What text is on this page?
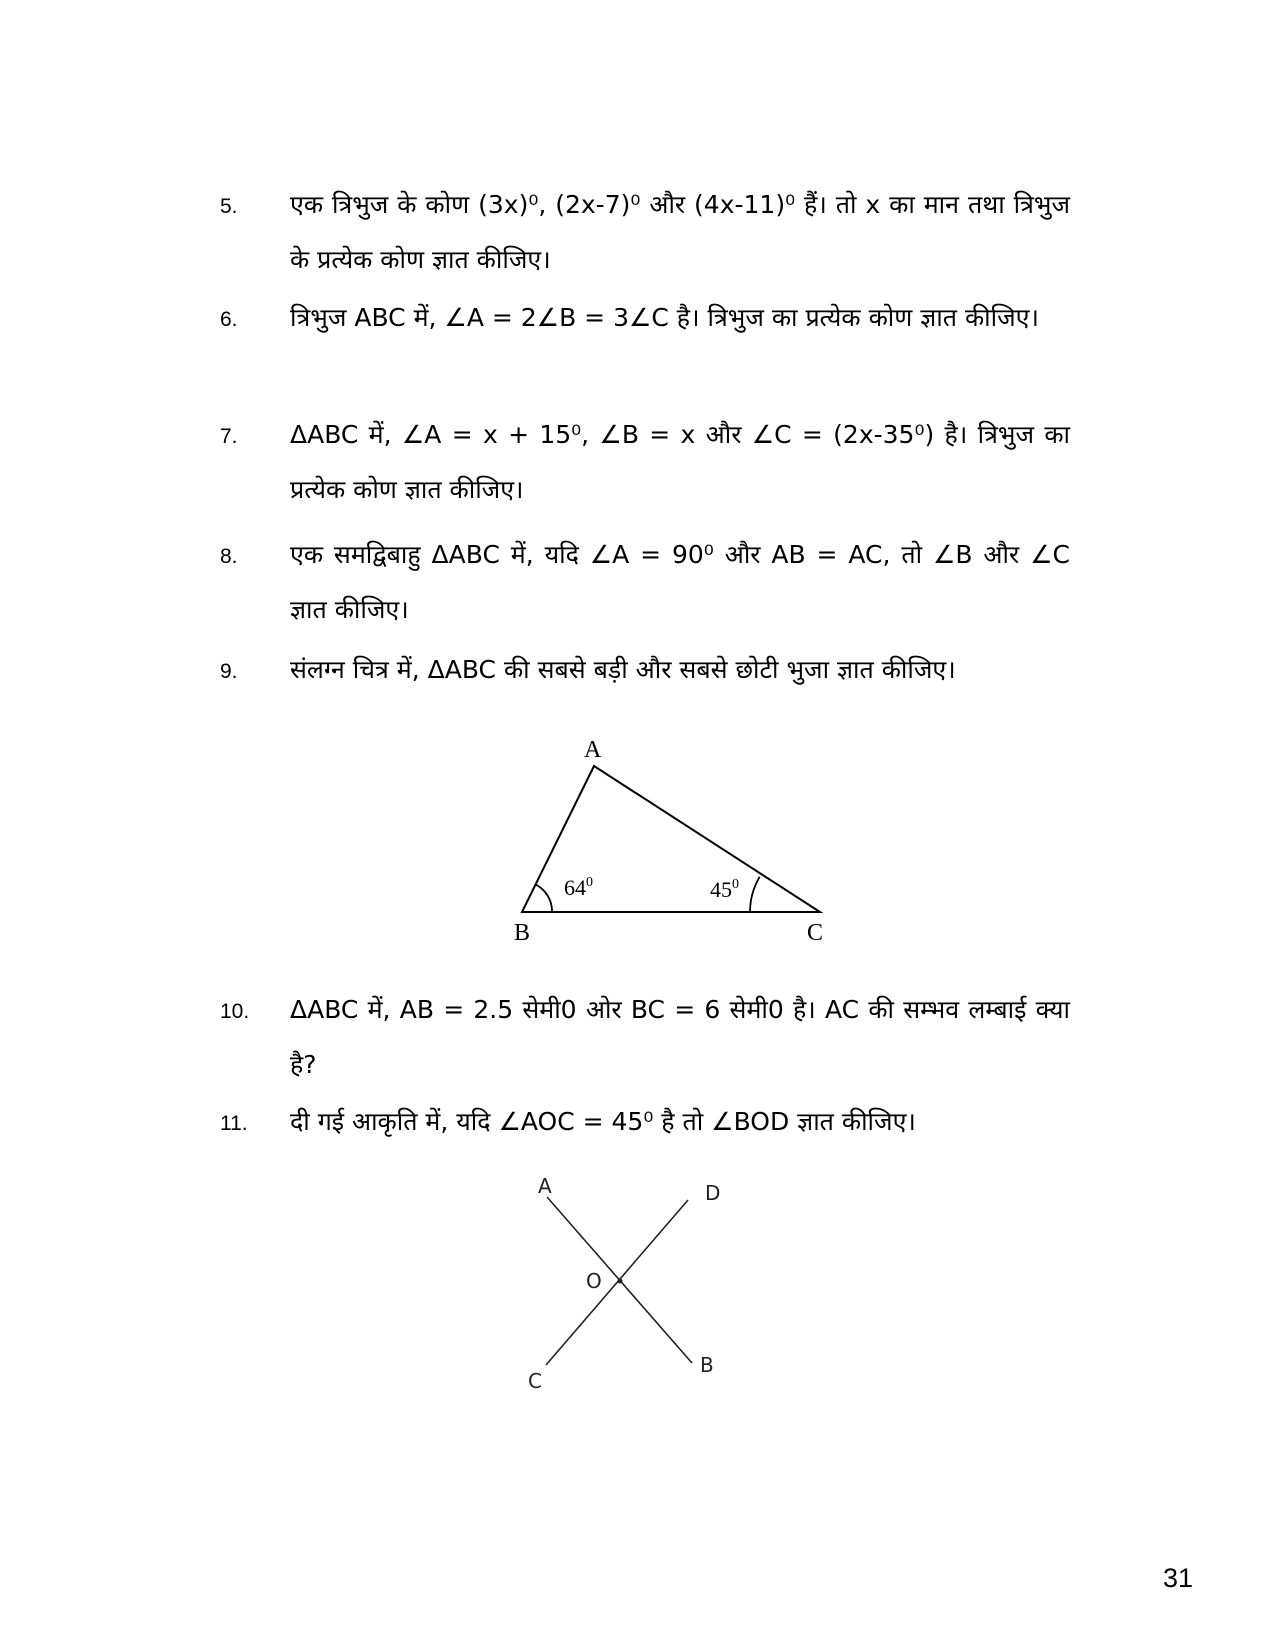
5. एक त्रिभुज के कोण (3x)⁰, (2x-7)⁰ और (4x-11)⁰ हैं। तो x का मान तथा त्रिभुज के प्रत्येक कोण ज्ञात कीजिए।
6. त्रिभुज ABC में, ∠A = 2∠B = 3∠C है। त्रिभुज का प्रत्येक कोण ज्ञात कीजिए।
7. ΔABC में, ∠A = x + 15⁰, ∠B = x और ∠C = (2x-35⁰) है। त्रिभुज का प्रत्येक कोण ज्ञात कीजिए।
8. एक समद्विबाहु ΔABC में, यदि ∠A = 90⁰ और AB = AC, तो ∠B और ∠C ज्ञात कीजिए।
9. संलग्न चित्र में, ΔABC की सबसे बड़ी और सबसे छोटी भुजा ज्ञात कीजिए।
A
B	C
$64^0$	$45^0$
10. ΔABC में, AB = 2.5 सेमी0 ओर BC = 6 सेमी0 है। AC की सम्भव लम्बाई क्या है?
11. दी गई आकृति में, यदि ∠AOC = 45⁰ है तो ∠BOD ज्ञात कीजिए।
A	D
O
C
B
31
